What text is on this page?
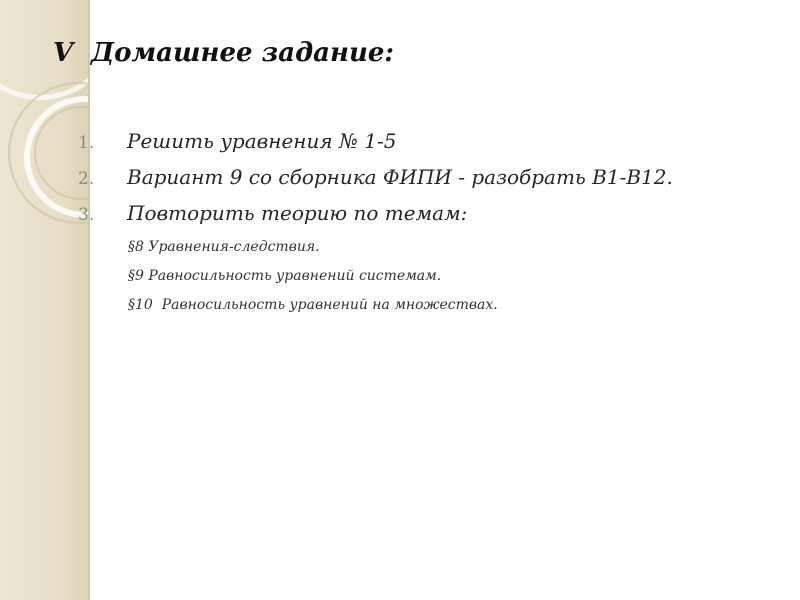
V Домашнее задание:
1. Решить уравнения № 1-5
2. Вариант 9 со сборника ФИПИ - разобрать В1-В12.
3. Повторить теорию по темам:
§8 Уравнения-следствия.
§9 Равносильность уравнений системам.
§10  Равносильность уравнений на множествах.
